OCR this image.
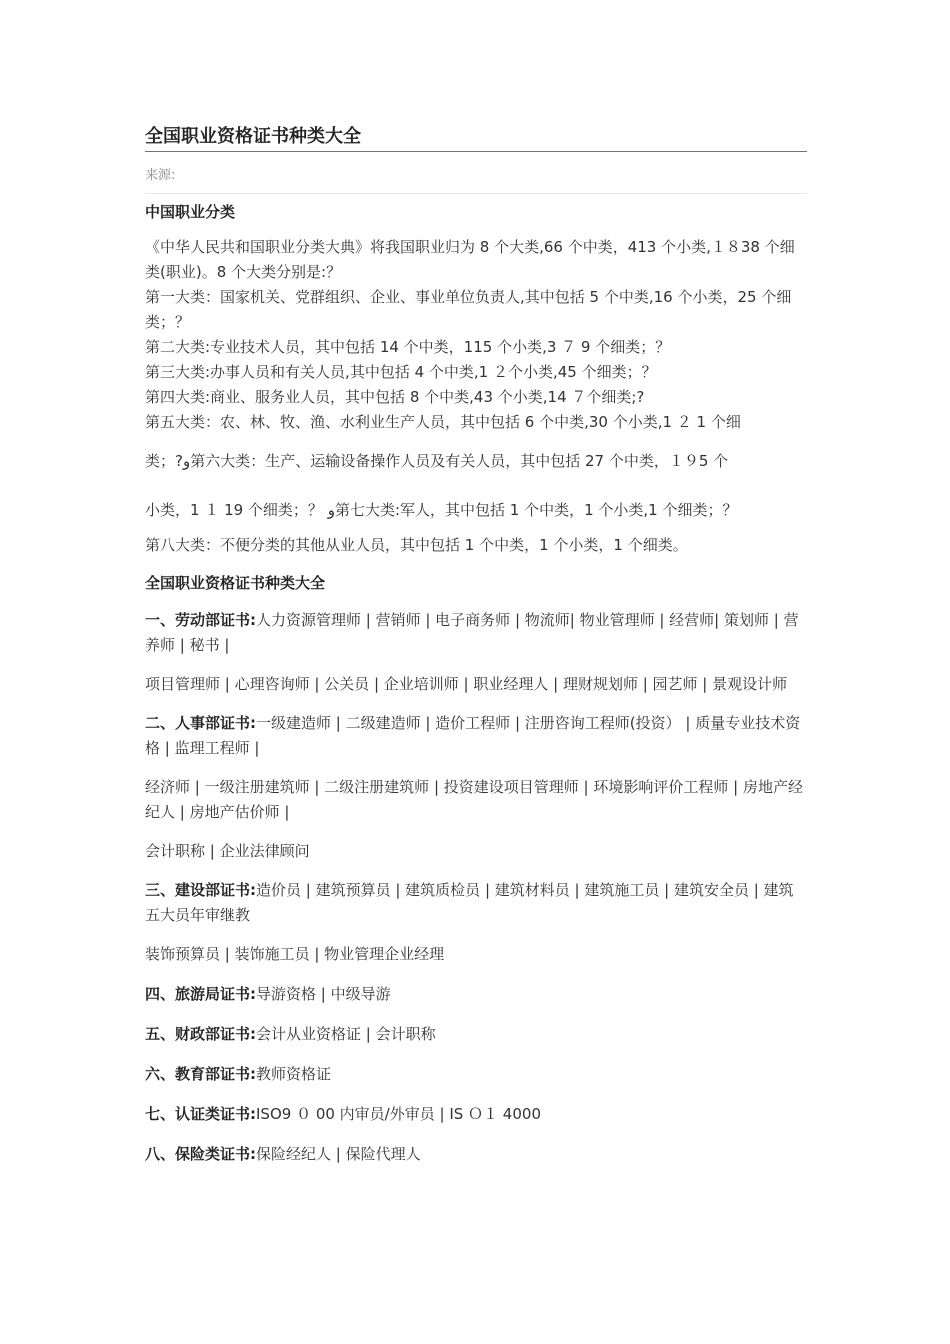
全国职业资格证书种类大全
来源:
中国职业分类

《中华人民共和国职业分类大典》将我国职业归为 8 个大类,66 个中类，413 个小类,１８38 个细类(职业)。8 个大类分别是:？

第一大类：国家机关、党群组织、企业、事业单位负责人,其中包括 5 个中类,16 个小类，25 个细类；？

第二大类:专业技术人员，其中包括 14 个中类，115 个小类,3 ７ 9 个细类；？

第三大类:办事人员和有关人员,其中包括 4 个中类,1 ２个小类,45 个细类；？

第四大类:商业、服务业人员，其中包括 8 个中类,43 个小类,14 ７个细类;?

第五大类：农、林、牧、渔、水利业生产人员，其中包括 6 个中类,30 个小类,1 ２ 1 个细

类；?ﻭ第六大类：生产、运输设备操作人员及有关人员，其中包括 27 个中类，１９5 个
小类，1 １ 19 个细类；？ ﻭ第七大类:军人，其中包括 1 个中类，1 个小类,1 个细类；？
第八大类：不便分类的其他从业人员，其中包括 1 个中类，1 个小类，1 个细类。
全国职业资格证书种类大全
一、劳动部证书:人力资源管理师 | 营销师 | 电子商务师 | 物流师| 物业管理师 | 经营师| 策划师 | 营养师 | 秘书 |
项目管理师 | 心理咨询师 | 公关员 | 企业培训师 | 职业经理人 | 理财规划师 | 园艺师 | 景观设计师
二、人事部证书:一级建造师 | 二级建造师 | 造价工程师 | 注册咨询工程师(投资） | 质量专业技术资格 | 监理工程师 |
经济师 | 一级注册建筑师 | 二级注册建筑师 | 投资建设项目管理师 | 环境影响评价工程师 | 房地产经纪人 | 房地产估价师 |
会计职称 | 企业法律顾问
三、建设部证书:造价员 | 建筑预算员 | 建筑质检员 | 建筑材料员 | 建筑施工员 | 建筑安全员 | 建筑五大员年审继教
装饰预算员 | 装饰施工员 | 物业管理企业经理
四、旅游局证书:导游资格 | 中级导游
五、财政部证书:会计从业资格证 | 会计职称
六、教育部证书:教师资格证
七、认证类证书:ISO9 ０ 00 内审员/外审员 | IS Ｏ１ 4000
八、保险类证书:保险经纪人 | 保险代理人
